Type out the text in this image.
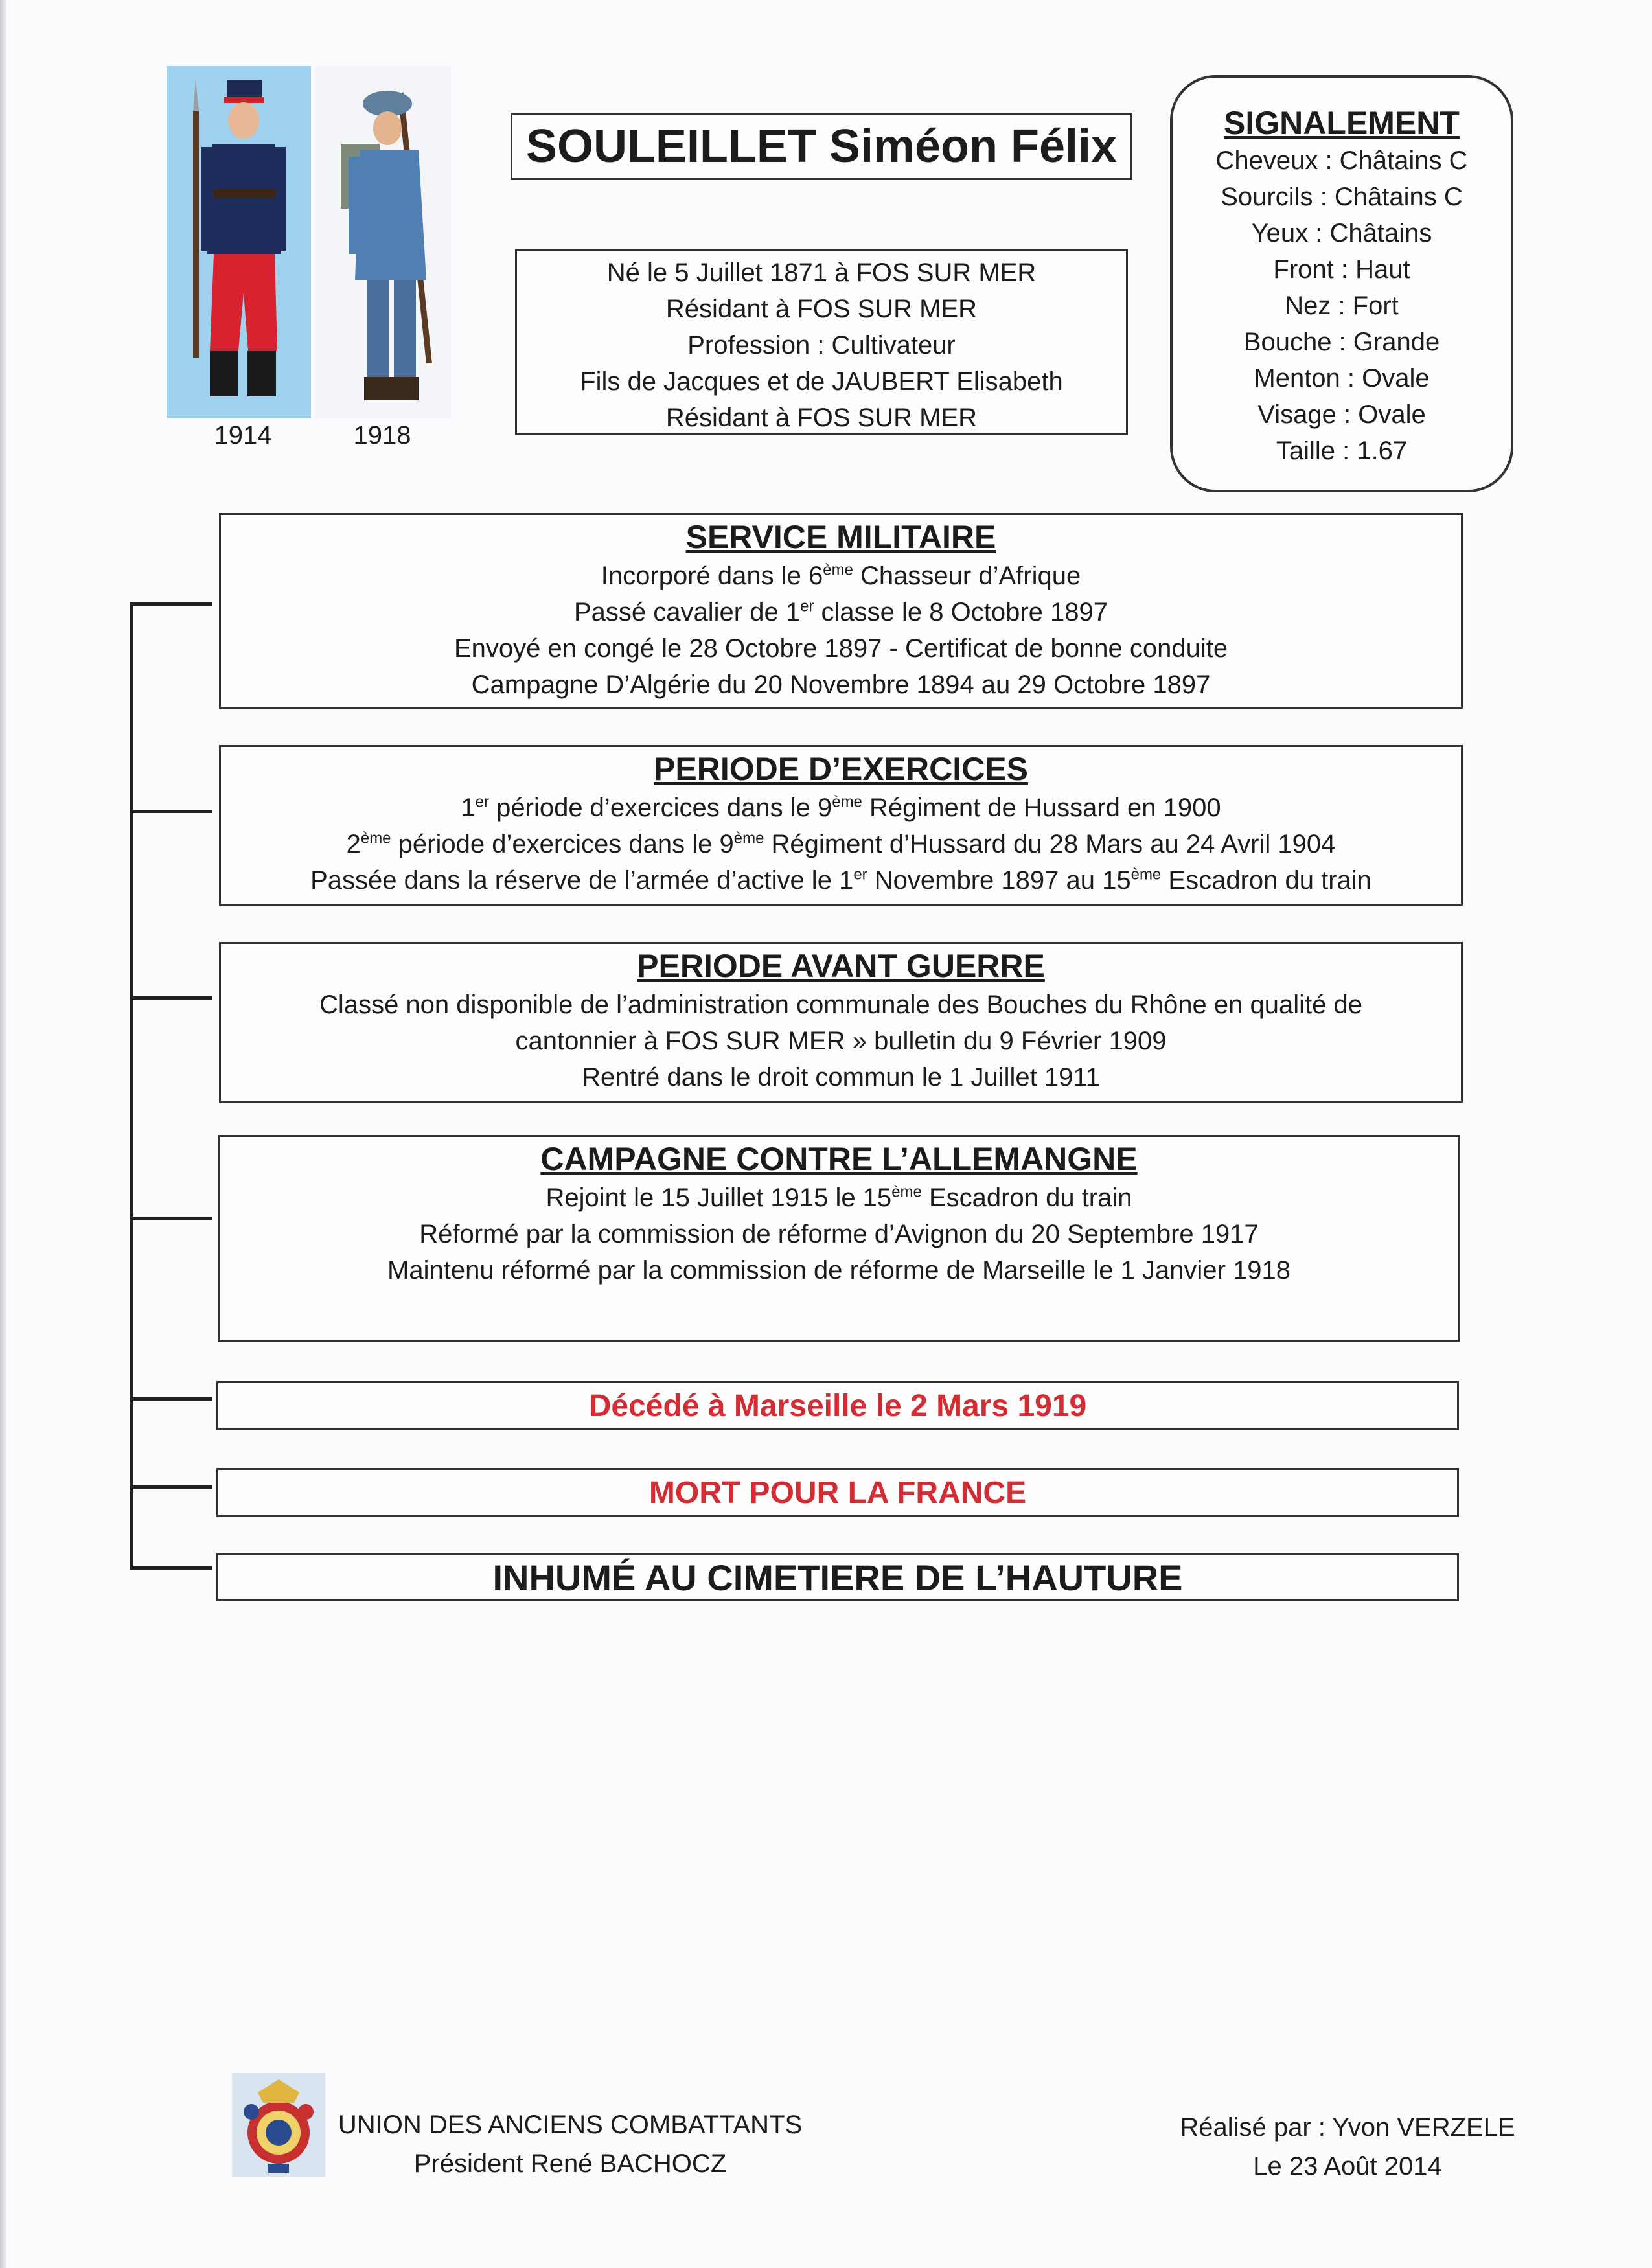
1914	1918
SOULEILLET Siméon Félix
Né le 5 Juillet 1871 à FOS SUR MER
Résidant à FOS SUR MER
Profession : Cultivateur
Fils de Jacques et de JAUBERT Elisabeth
Résidant à FOS SUR MER
SIGNALEMENT
Cheveux : Châtains C
Sourcils : Châtains C
Yeux : Châtains
Front : Haut
Nez : Fort
Bouche : Grande
Menton : Ovale
Visage : Ovale
Taille : 1.67
SERVICE MILITAIRE
Incorporé dans le 6ème Chasseur d’Afrique
Passé cavalier de 1er classe le 8 Octobre 1897
Envoyé en congé le 28 Octobre 1897 - Certificat de bonne conduite
Campagne D’Algérie du 20 Novembre 1894 au 29 Octobre 1897
PERIODE D’EXERCICES
1er période d’exercices dans le 9ème Régiment de Hussard en 1900
2ème période d’exercices dans le 9ème Régiment d’Hussard du 28 Mars au 24 Avril 1904
Passée dans la réserve de l’armée d’active le 1er Novembre 1897 au 15ème Escadron du train
PERIODE AVANT GUERRE
Classé non disponible de l’administration communale des Bouches du Rhône en qualité de
cantonnier à FOS SUR MER » bulletin du 9 Février 1909
Rentré dans le droit commun le 1 Juillet 1911
CAMPAGNE CONTRE L’ALLEMANGNE
Rejoint le 15 Juillet 1915 le 15ème Escadron du train
Réformé par la commission de réforme d’Avignon du 20 Septembre 1917
Maintenu réformé par la commission de réforme de Marseille le 1 Janvier 1918
Décédé à Marseille le 2 Mars 1919
MORT POUR LA FRANCE
INHUMÉ AU CIMETIERE DE L’HAUTURE
UNION DES ANCIENS COMBATTANTS
Président René BACHOCZ
Réalisé par : Yvon VERZELE
Le 23 Août 2014
